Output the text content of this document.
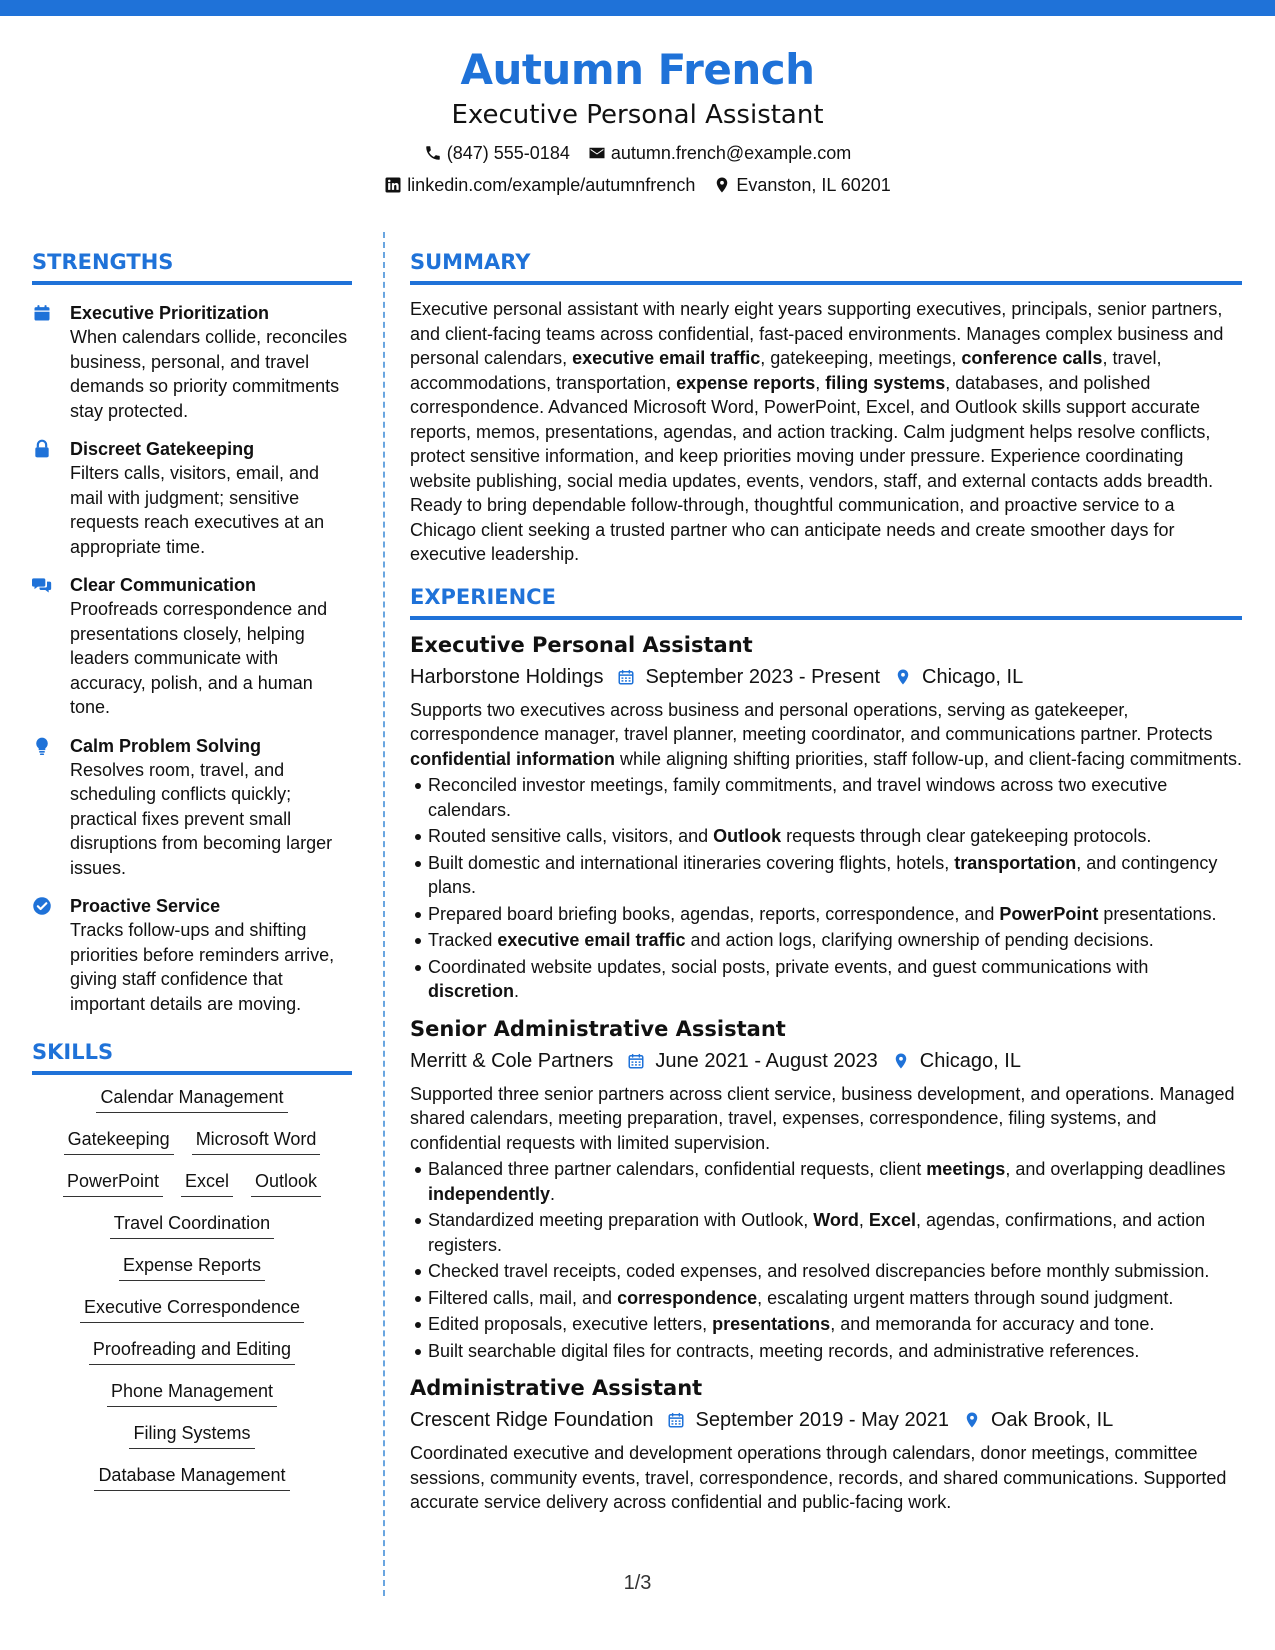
Autumn French
Executive Personal Assistant
(847) 555-0184 autumn.french@example.com
linkedin.com/example/autumnfrench Evanston, IL 60201
STRENGTHS
Executive Prioritization
When calendars collide, reconciles business, personal, and travel demands so priority commitments stay protected.
Discreet Gatekeeping
Filters calls, visitors, email, and mail with judgment; sensitive requests reach executives at an appropriate time.
Clear Communication
Proofreads correspondence and presentations closely, helping leaders communicate with accuracy, polish, and a human tone.
Calm Problem Solving
Resolves room, travel, and scheduling conflicts quickly; practical fixes prevent small disruptions from becoming larger issues.
Proactive Service
Tracks follow-ups and shifting priorities before reminders arrive, giving staff confidence that important details are moving.
SKILLS
Calendar Management
Gatekeeping Microsoft Word
PowerPoint Excel Outlook
Travel Coordination
Expense Reports
Executive Correspondence
Proofreading and Editing
Phone Management
Filing Systems
Database Management
SUMMARY
Executive personal assistant with nearly eight years supporting executives, principals, senior partners, and client-facing teams across confidential, fast-paced environments. Manages complex business and personal calendars, executive email traffic, gatekeeping, meetings, conference calls, travel, accommodations, transportation, expense reports, filing systems, databases, and polished correspondence. Advanced Microsoft Word, PowerPoint, Excel, and Outlook skills support accurate reports, memos, presentations, agendas, and action tracking. Calm judgment helps resolve conflicts, protect sensitive information, and keep priorities moving under pressure. Experience coordinating website publishing, social media updates, events, vendors, staff, and external contacts adds breadth. Ready to bring dependable follow-through, thoughtful communication, and proactive service to a Chicago client seeking a trusted partner who can anticipate needs and create smoother days for executive leadership.
EXPERIENCE
Executive Personal Assistant
Harborstone Holdings September 2023 - Present Chicago, IL
Supports two executives across business and personal operations, serving as gatekeeper, correspondence manager, travel planner, meeting coordinator, and communications partner. Protects confidential information while aligning shifting priorities, staff follow-up, and client-facing commitments.
Reconciled investor meetings, family commitments, and travel windows across two executive calendars.
Routed sensitive calls, visitors, and Outlook requests through clear gatekeeping protocols.
Built domestic and international itineraries covering flights, hotels, transportation, and contingency plans.
Prepared board briefing books, agendas, reports, correspondence, and PowerPoint presentations.
Tracked executive email traffic and action logs, clarifying ownership of pending decisions.
Coordinated website updates, social posts, private events, and guest communications with discretion.
Senior Administrative Assistant
Merritt & Cole Partners June 2021 - August 2023 Chicago, IL
Supported three senior partners across client service, business development, and operations. Managed shared calendars, meeting preparation, travel, expenses, correspondence, filing systems, and confidential requests with limited supervision.
Balanced three partner calendars, confidential requests, client meetings, and overlapping deadlines independently.
Standardized meeting preparation with Outlook, Word, Excel, agendas, confirmations, and action registers.
Checked travel receipts, coded expenses, and resolved discrepancies before monthly submission.
Filtered calls, mail, and correspondence, escalating urgent matters through sound judgment.
Edited proposals, executive letters, presentations, and memoranda for accuracy and tone.
Built searchable digital files for contracts, meeting records, and administrative references.
Administrative Assistant
Crescent Ridge Foundation September 2019 - May 2021 Oak Brook, IL
Coordinated executive and development operations through calendars, donor meetings, committee sessions, community events, travel, correspondence, records, and shared communications. Supported accurate service delivery across confidential and public-facing work.
1/3
